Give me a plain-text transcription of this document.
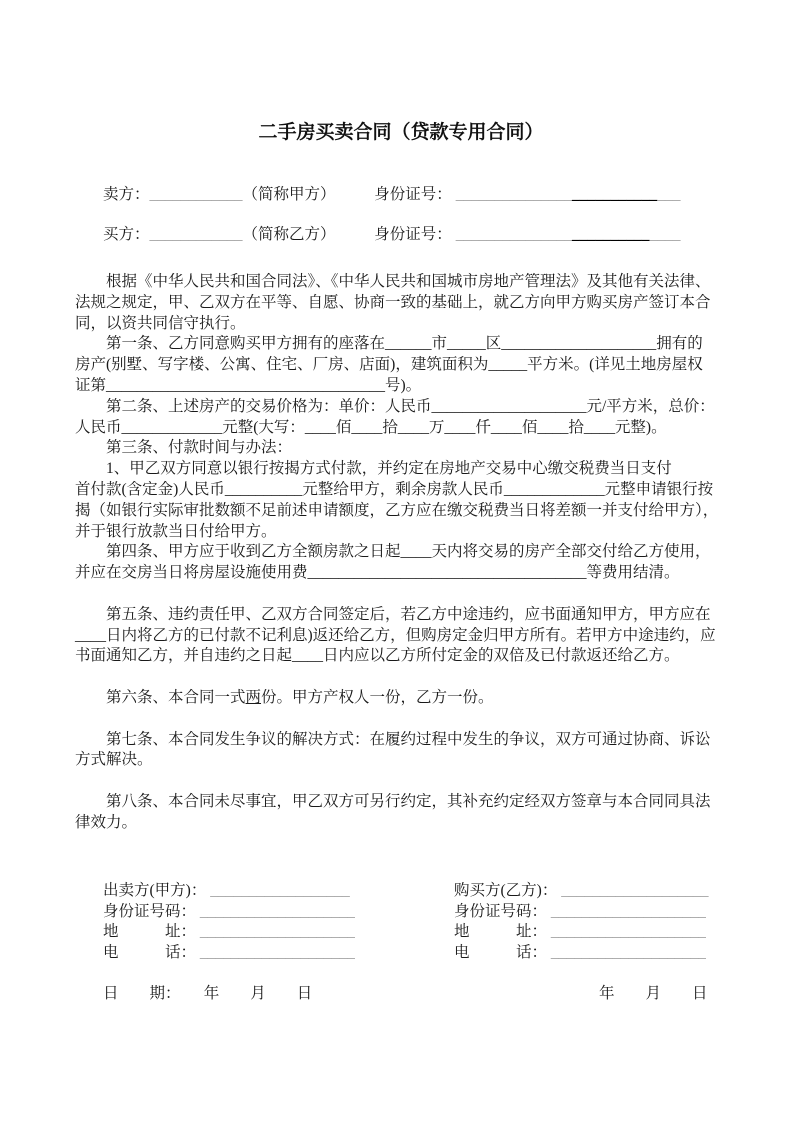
二手房买卖合同（贷款专用合同）
卖方：____________（简称甲方）　　　	身份证号： _____________________________
买方：____________（简称乙方）　　　	身份证号： _____________________________
　　根据《中华人民共和国合同法》、《中华人民共和国城市房地产管理法》及其他有关法律、
法规之规定，甲、乙双方在平等、自愿、协商一致的基础上，就乙方向甲方购买房产签订本合
同，以资共同信守执行。
　　第一条、乙方同意购买甲方拥有的座落在______市_____区____________________拥有的
房产(别墅、写字楼、公寓、住宅、厂房、店面)，建筑面积为_____平方米。(详见土地房屋权
证第____________________________________号)。
　　第二条、上述房产的交易价格为：单价：人民币____________________元/平方米，总价：
人民币_____________元整(大写：____佰____拾____万____仟____佰____拾____元整)。
　　第三条、付款时间与办法：
　　1、甲乙双方同意以银行按揭方式付款，并约定在房地产交易中心缴交税费当日支付
首付款(含定金)人民币__________元整给甲方，剩余房款人民币_____________元整申请银行按
揭（如银行实际审批数额不足前述申请额度，乙方应在缴交税费当日将差额一并支付给甲方），
并于银行放款当日付给甲方。
　　第四条、甲方应于收到乙方全额房款之日起____天内将交易的房产全部交付给乙方使用，
并应在交房当日将房屋设施使用费____________________________________等费用结清。

　　第五条、违约责任甲、乙双方合同签定后，若乙方中途违约，应书面通知甲方，甲方应在
____日内将乙方的已付款不记利息)返还给乙方，但购房定金归甲方所有。若甲方中途违约，应
书面通知乙方，并自违约之日起____日内应以乙方所付定金的双倍及已付款返还给乙方。

　　第六条、本合同一式两份。甲方产权人一份，乙方一份。

　　第七条、本合同发生争议的解决方式：在履约过程中发生的争议，双方可通过协商、诉讼
方式解决。

　　第八条、本合同未尽事宜，甲乙双方可另行约定，其补充约定经双方签章与本合同同具法
律效力。
出卖方(甲方)： __________________	购买方(乙方)： ___________________
身份证号码： ____________________	身份证号码： ____________________
地　　　址： ____________________	地　　　址： ____________________
电　　　话： ____________________	电　　　话： ____________________
日　　期：　　年　　月　　日	年　　月　　日
